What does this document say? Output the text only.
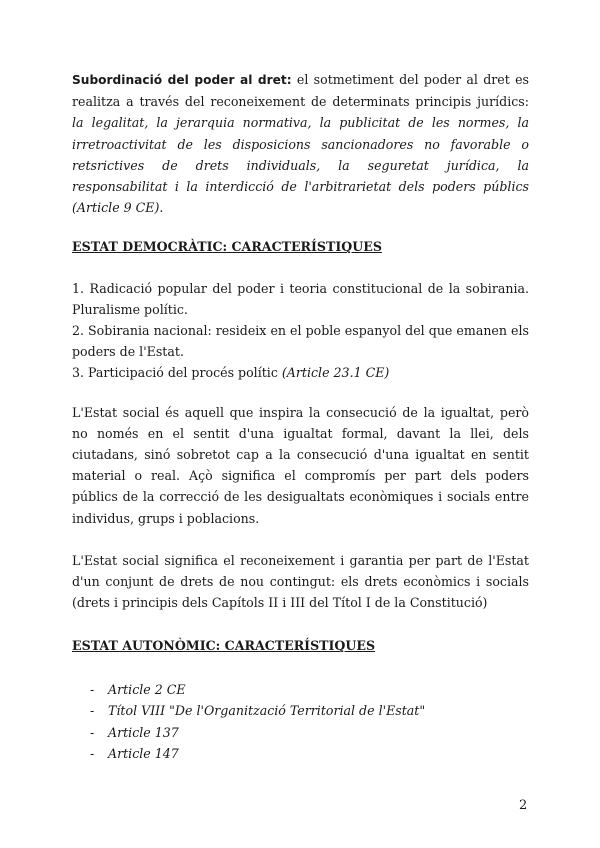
Subordinació del poder al dret: el sotmetiment del poder al dret es realitza a través del reconeixement de determinats principis jurídics: la legalitat, la jerarquia normativa, la publicitat de les normes, la irretroactivitat de les disposicions sancionadores no favorable o retsrictives de drets individuals, la seguretat jurídica, la responsabilitat i la interdicció de l'arbitrarietat dels poders públics (Article 9 CE).

ESTAT DEMOCRÀTIC: CARACTERÍSTIQUES

1. Radicació popular del poder i teoria constitucional de la sobirania. Pluralisme polític.

2. Sobirania nacional: resideix en el poble espanyol del que emanen els poders de l'Estat.

3. Participació del procés polític (Article 23.1 CE)

L'Estat social és aquell que inspira la consecució de la igualtat, però no només en el sentit d'una igualtat formal, davant la llei, dels ciutadans, sinó sobretot cap a la consecució d'una igualtat en sentit material o real. Açò significa el compromís per part dels poders públics de la correcció de les desigualtats econòmiques i socials entre individus, grups i poblacions.

L'Estat social significa el reconeixement i garantia per part de l'Estat d'un conjunt de drets de nou contingut: els drets econòmics i socials (drets i principis dels Capítols II i III del Títol I de la Constitució)

ESTAT AUTONÒMIC: CARACTERÍSTIQUES

-	Article 2 CE
-	Títol VIII "De l'Organització Territorial de l'Estat"
-	Article 137
-	Article 147
2
